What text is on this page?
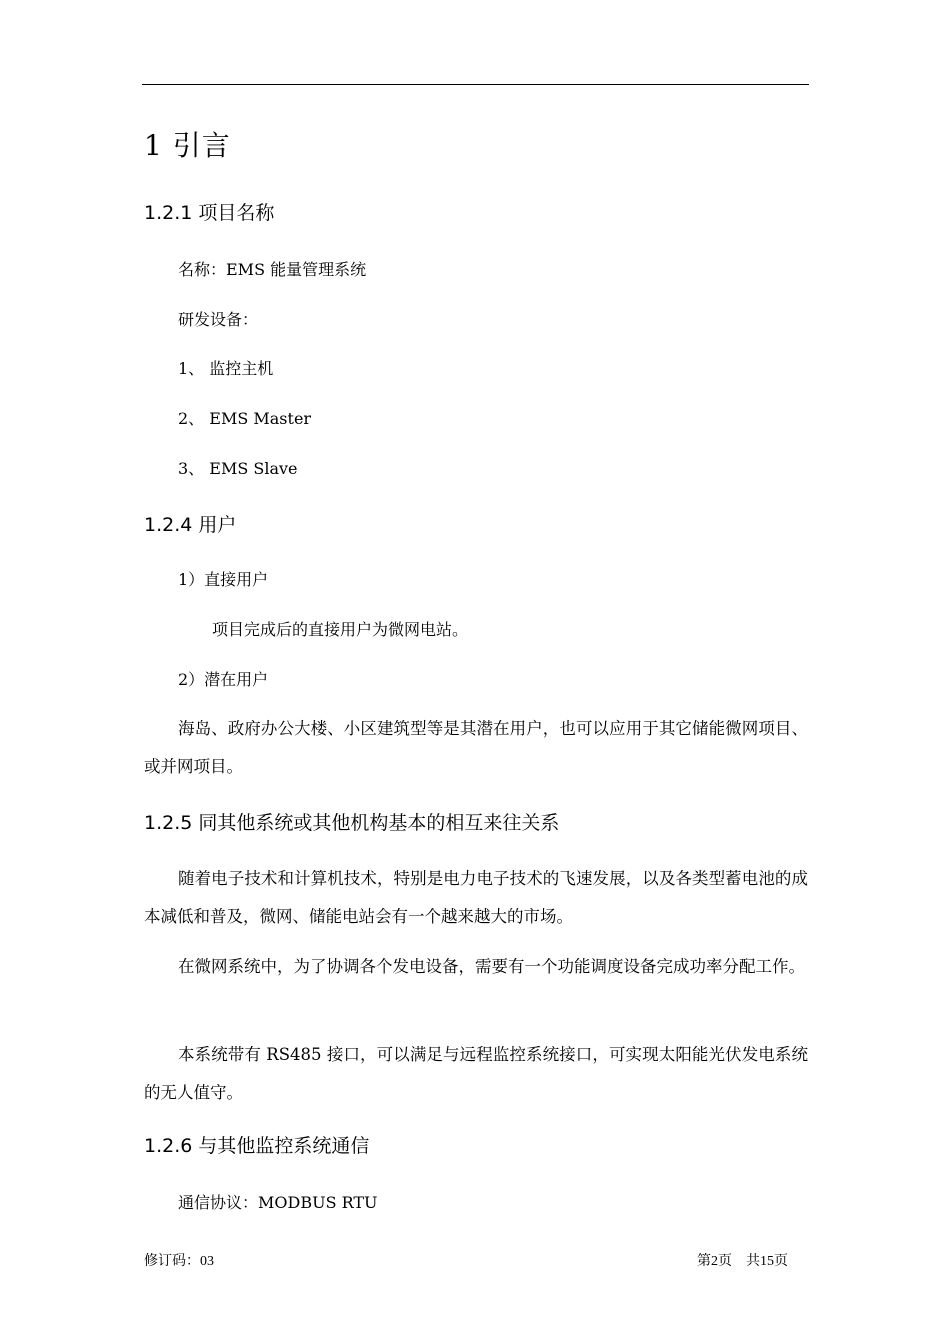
1 引言
1.2.1 项目名称
名称：EMS 能量管理系统
研发设备：
1、 监控主机
2、 EMS Master
3、 EMS Slave
1.2.4 用户
1）直接用户
项目完成后的直接用户为微网电站。
2）潜在用户
海岛、政府办公大楼、小区建筑型等是其潜在用户，也可以应用于其它储能微网项目、或并网项目。
1.2.5 同其他系统或其他机构基本的相互来往关系
随着电子技术和计算机技术，特别是电力电子技术的飞速发展，以及各类型蓄电池的成本减低和普及，微网、储能电站会有一个越来越大的市场。
在微网系统中，为了协调各个发电设备，需要有一个功能调度设备完成功率分配工作。
本系统带有 RS485 接口，可以满足与远程监控系统接口，可实现太阳能光伏发电系统的无人值守。
1.2.6 与其他监控系统通信
通信协议：MODBUS RTU
修订码：03	第2页　共15页
